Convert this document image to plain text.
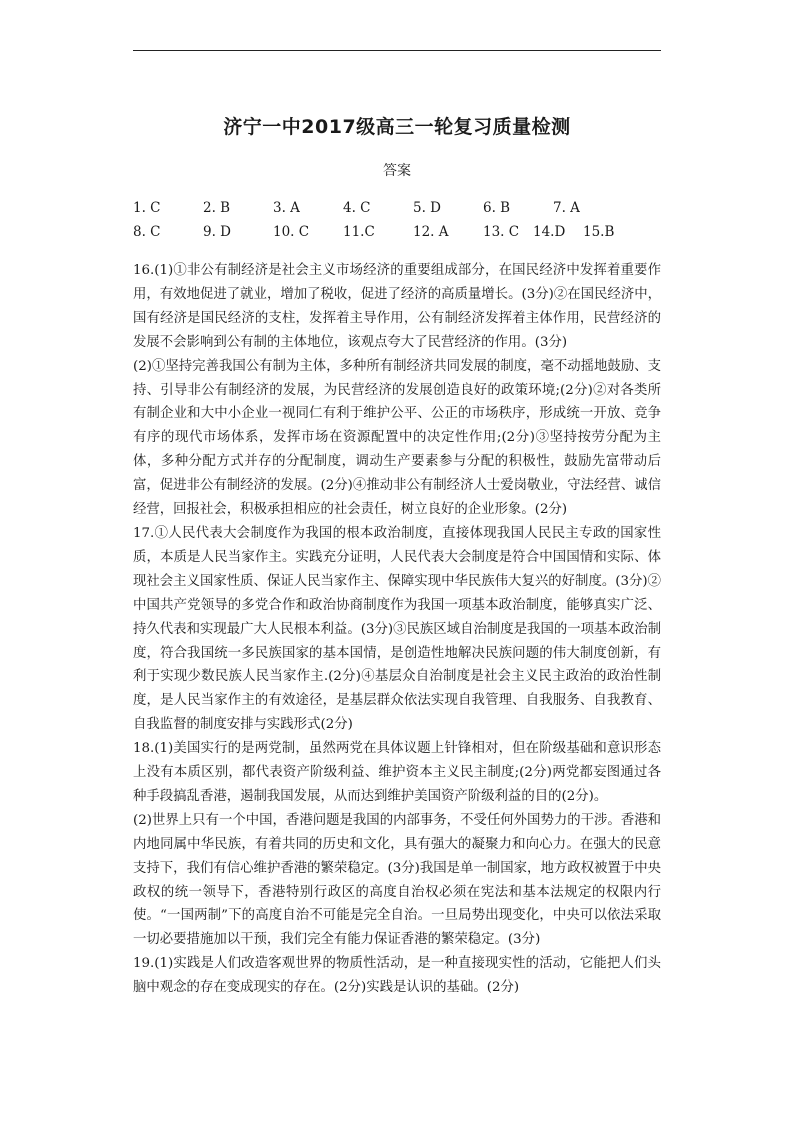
济宁一中2017级高三一轮复习质量检测
答案
1. C	2. B	3. A	4. C	5. D	6. B	7. A
8. C	9. D	10. C	11.C	12. A	13. C 14.D 15.B

16.(1)①非公有制经济是社会主义市场经济的重要组成部分，在国民经济中发挥着重要作用，有效地促进了就业，增加了税收，促进了经济的高质量增长。(3分)②在国民经济中，国有经济是国民经济的支柱，发挥着主导作用，公有制经济发挥着主体作用，民营经济的发展不会影响到公有制的主体地位，该观点夸大了民营经济的作用。(3分)

(2)①坚持完善我国公有制为主体，多种所有制经济共同发展的制度，毫不动摇地鼓励、支持、引导非公有制经济的发展，为民营经济的发展创造良好的政策环境;(2分)②对各类所有制企业和大中小企业一视同仁有利于维护公平、公正的市场秩序，形成统一开放、竞争有序的现代市场体系，发挥市场在资源配置中的决定性作用;(2分)③坚持按劳分配为主体，多种分配方式并存的分配制度，调动生产要素参与分配的积极性，鼓励先富带动后富，促进非公有制经济的发展。(2分)④推动非公有制经济人士爱岗敬业，守法经营、诚信经营，回报社会，积极承担相应的社会责任，树立良好的企业形象。(2分)

17.①人民代表大会制度作为我国的根本政治制度，直接体现我国人民民主专政的国家性质，本质是人民当家作主。实践充分证明，人民代表大会制度是符合中国国情和实际、体现社会主义国家性质、保证人民当家作主、保障实现中华民族伟大复兴的好制度。(3分)②中国共产党领导的多党合作和政治协商制度作为我国一项基本政治制度，能够真实广泛、持久代表和实现最广大人民根本利益。(3分)③民族区域自治制度是我国的一项基本政治制度，符合我国统一多民族国家的基本国情，是创造性地解决民族问题的伟大制度创新，有利于实现少数民族人民当家作主.(2分)④基层众自治制度是社会主义民主政治的政治性制度，是人民当家作主的有效途径，是基层群众依法实现自我管理、自我服务、自我教育、自我监督的制度安排与实践形式(2分)

18.(1)美国实行的是两党制，虽然两党在具体议题上针锋相对，但在阶级基础和意识形态上没有本质区别，都代表资产阶级利益、维护资本主义民主制度;(2分)两党都妄图通过各种手段搞乱香港，遏制我国发展，从而达到维护美国资产阶级利益的目的(2分)。

(2)世界上只有一个中国，香港问题是我国的内部事务，不受任何外国势力的干涉。香港和内地同属中华民族，有着共同的历史和文化，具有强大的凝聚力和向心力。在强大的民意支持下，我们有信心维护香港的繁荣稳定。(3分)我国是单一制国家，地方政权被置于中央政权的统一领导下，香港特别行政区的高度自治权必须在宪法和基本法规定的权限内行使。“一国两制”下的高度自治不可能是完全自治。一旦局势出现变化，中央可以依法采取一切必要措施加以干预，我们完全有能力保证香港的繁荣稳定。(3分)

19.(1)实践是人们改造客观世界的物质性活动，是一种直接现实性的活动，它能把人们头脑中观念的存在变成现实的存在。(2分)实践是认识的基础。(2分)
